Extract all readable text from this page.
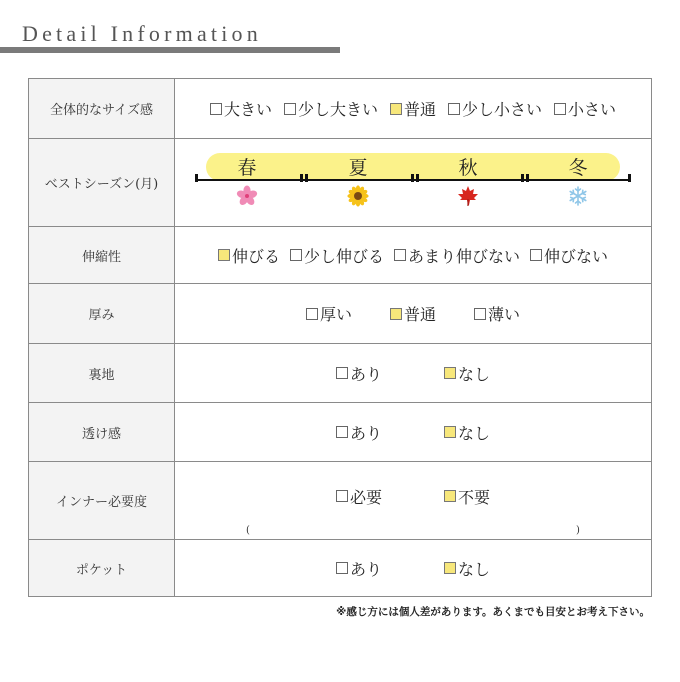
Detail Information
全体的なサイズ感	大きい 少し大きい 普通 少し小さい 小さい

ベストシーズン(月)	春 夏 秋 冬

伸縮性	伸びる 少し伸びる あまり伸びない 伸びない

厚み	厚い 普通 薄い

裏地	あり なし

透け感	あり なし

インナー必要度	必要 不要
( )

ポケット	あり なし
※感じ方には個人差があります。あくまでも目安とお考え下さい。
